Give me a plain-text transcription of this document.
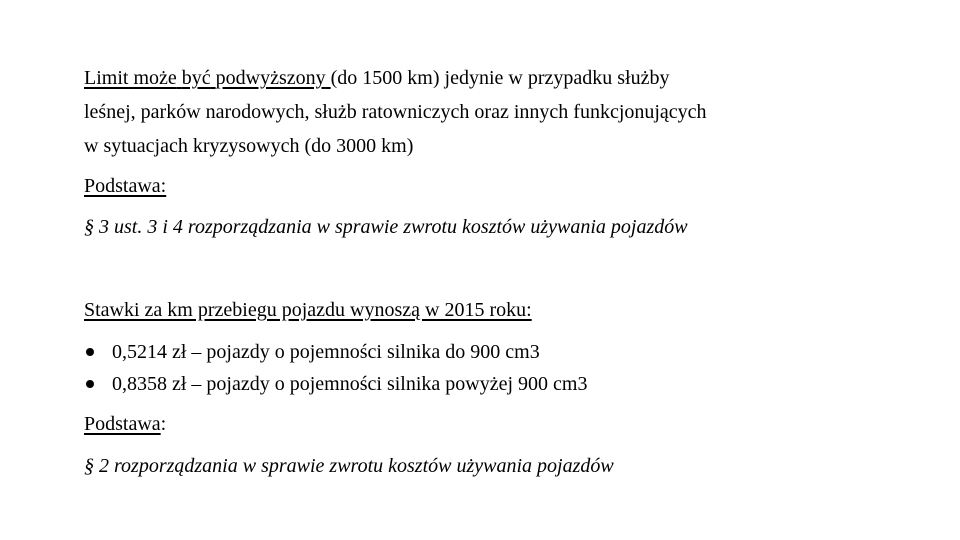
Limit może być podwyższony (do 1500 km) jedynie w przypadku służby
leśnej, parków narodowych, służb ratowniczych oraz innych funkcjonujących
w sytuacjach kryzysowych (do 3000 km)

Podstawa:

§ 3 ust. 3 i 4 rozporządzania w sprawie zwrotu kosztów używania pojazdów

Stawki za km przebiegu pojazdu wynoszą w 2015 roku:

0,5214 zł – pojazdy o pojemności silnika do 900 cm3
0,8358 zł – pojazdy o pojemności silnika powyżej 900 cm3

Podstawa:

§ 2 rozporządzania w sprawie zwrotu kosztów używania pojazdów
